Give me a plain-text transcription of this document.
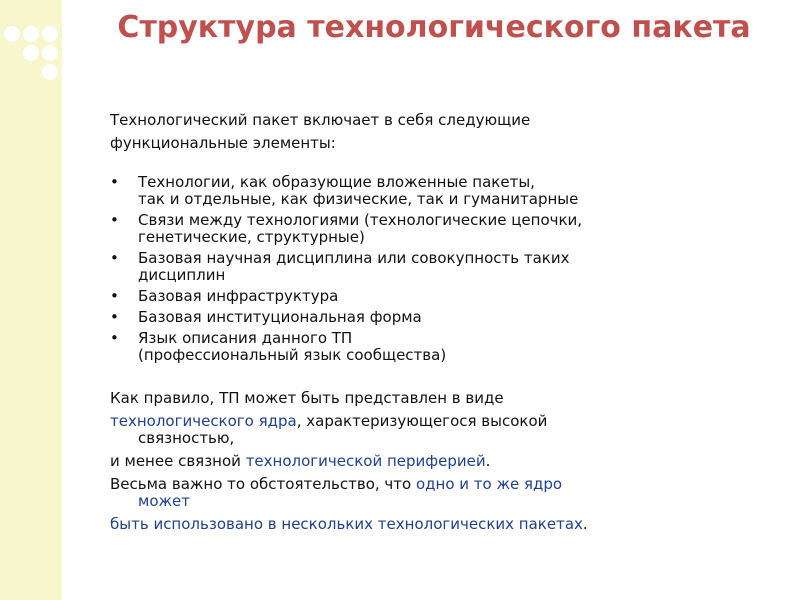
Структура технологического пакета

Технологический пакет включает в себя следующие

функциональные элементы:

•	Технологии, как образующие вложенные пакеты,
так и отдельные, как физические, так и гуманитарные
•	Связи между технологиями (технологические цепочки,
генетические, структурные)
•	Базовая научная дисциплина или совокупность таких
дисциплин
•	Базовая инфраструктура
•	Базовая институциональная форма
•	Язык описания данного ТП
(профессиональный язык сообщества)

Как правило, ТП может быть представлен в виде

технологического ядра, характеризующегося высокой
связностью,

и менее связной технологической периферией.

Весьма важно то обстоятельство, что одно и то же ядро
может

быть использовано в нескольких технологических пакетах.
